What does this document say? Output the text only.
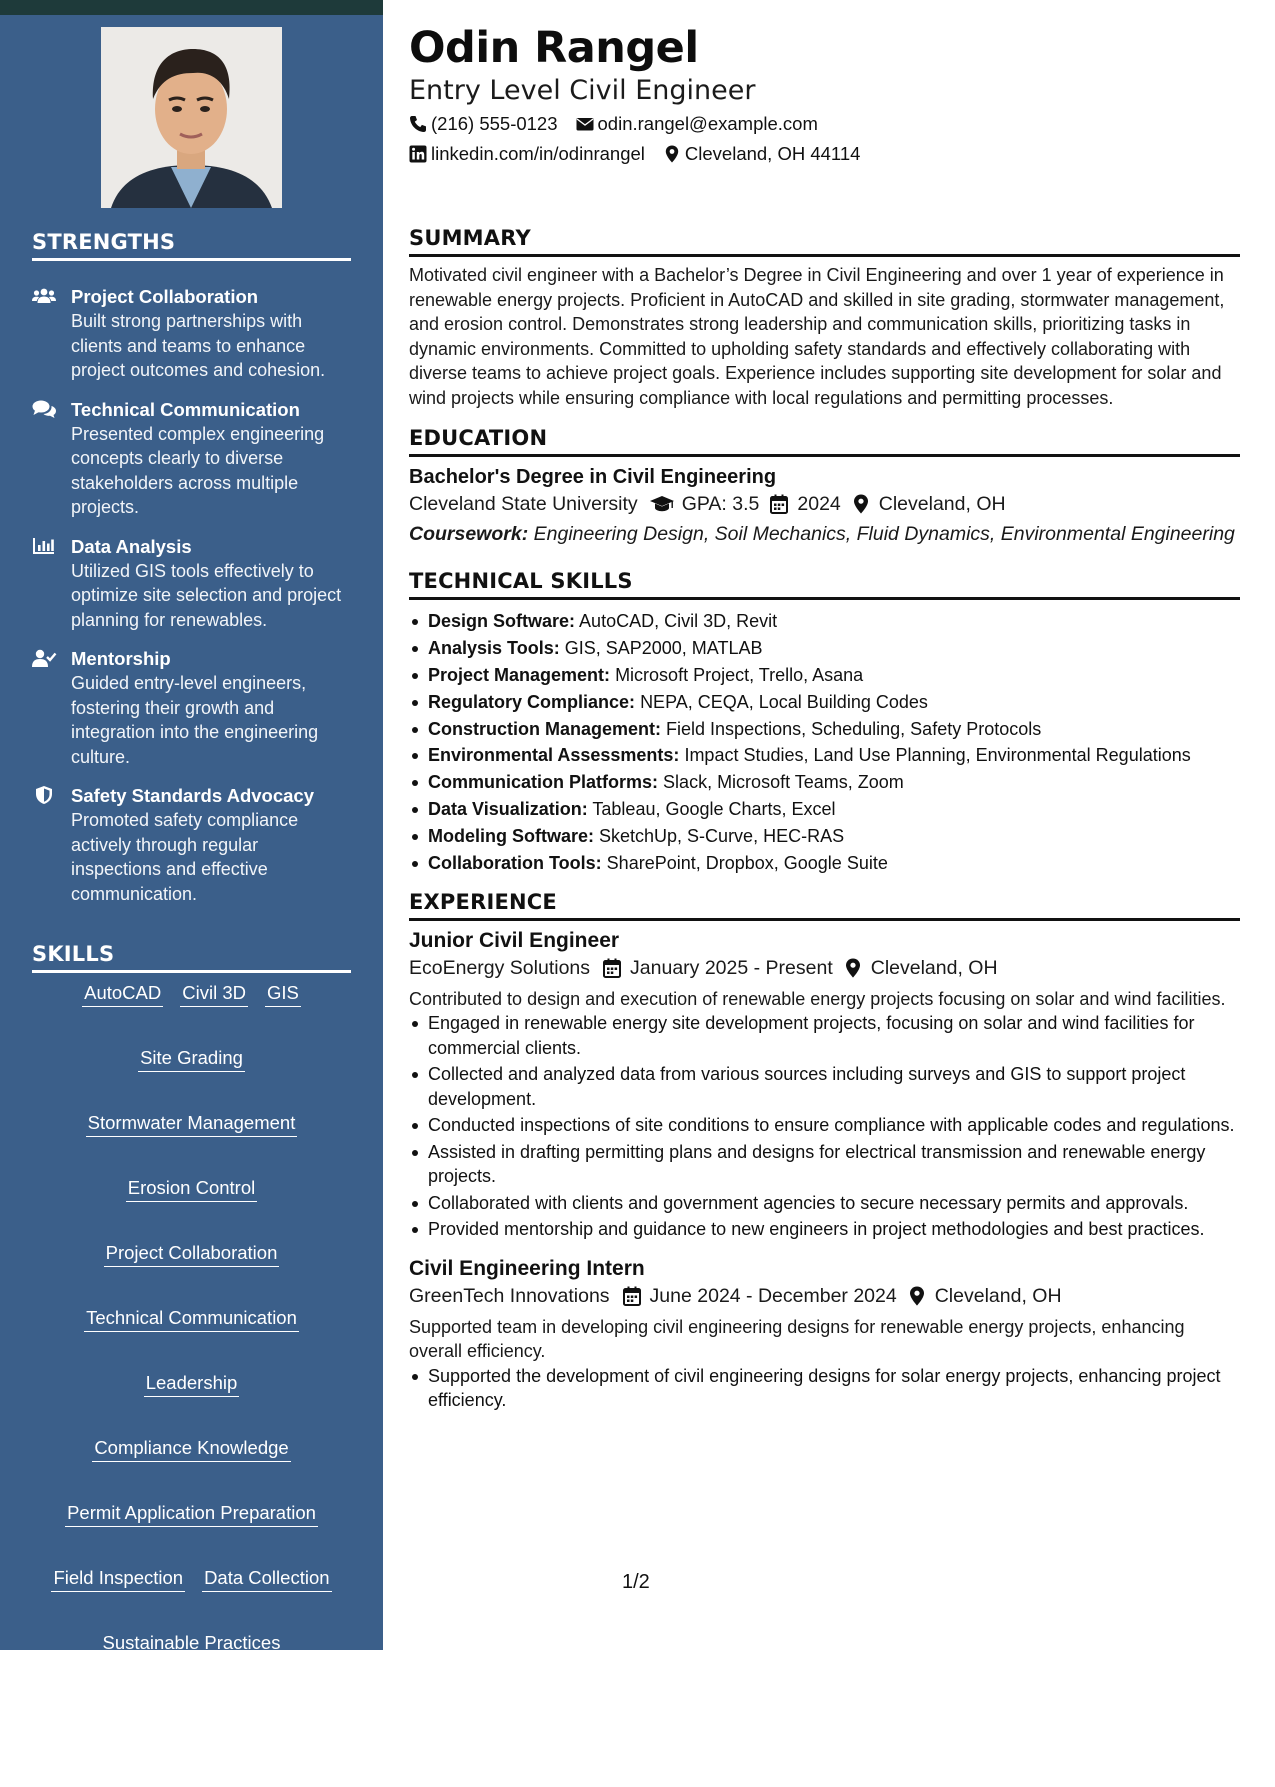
STRENGTHS
Project Collaboration
Built strong partnerships with clients and teams to enhance project outcomes and cohesion.
Technical Communication
Presented complex engineering concepts clearly to diverse stakeholders across multiple projects.
Data Analysis
Utilized GIS tools effectively to optimize site selection and project planning for renewables.
Mentorship
Guided entry-level engineers, fostering their growth and integration into the engineering culture.
Safety Standards Advocacy
Promoted safety compliance actively through regular inspections and effective communication.
SKILLS
AutoCAD Civil 3D GIS
Site Grading
Stormwater Management
Erosion Control
Project Collaboration
Technical Communication
Leadership
Compliance Knowledge
Permit Application Preparation
Field Inspection Data Collection
Sustainable Practices
Renewable Systems Design
Client Interaction
Odin Rangel
Entry Level Civil Engineer
(216) 555-0123 odin.rangel@example.com
linkedin.com/in/odinrangel Cleveland, OH 44114
SUMMARY

Motivated civil engineer with a Bachelor’s Degree in Civil Engineering and over 1 year of experience in renewable energy projects. Proficient in AutoCAD and skilled in site grading, stormwater management, and erosion control. Demonstrates strong leadership and communication skills, prioritizing tasks in dynamic environments. Committed to upholding safety standards and effectively collaborating with diverse teams to achieve project goals. Experience includes supporting site development for solar and wind projects while ensuring compliance with local regulations and permitting processes.

EDUCATION
Bachelor's Degree in Civil Engineering
Cleveland State University GPA: 3.5 2024 Cleveland, OH
Coursework: Engineering Design, Soil Mechanics, Fluid Dynamics, Environmental Engineering
TECHNICAL SKILLS
Design Software: AutoCAD, Civil 3D, Revit
Analysis Tools: GIS, SAP2000, MATLAB
Project Management: Microsoft Project, Trello, Asana
Regulatory Compliance: NEPA, CEQA, Local Building Codes
Construction Management: Field Inspections, Scheduling, Safety Protocols
Environmental Assessments: Impact Studies, Land Use Planning, Environmental Regulations
Communication Platforms: Slack, Microsoft Teams, Zoom
Data Visualization: Tableau, Google Charts, Excel
Modeling Software: SketchUp, S-Curve, HEC-RAS
Collaboration Tools: SharePoint, Dropbox, Google Suite
EXPERIENCE
Junior Civil Engineer
EcoEnergy Solutions January 2025 - Present Cleveland, OH

Contributed to design and execution of renewable energy projects focusing on solar and wind facilities.

Engaged in renewable energy site development projects, focusing on solar and wind facilities for commercial clients.
Collected and analyzed data from various sources including surveys and GIS to support project development.
Conducted inspections of site conditions to ensure compliance with applicable codes and regulations.
Assisted in drafting permitting plans and designs for electrical transmission and renewable energy projects.
Collaborated with clients and government agencies to secure necessary permits and approvals.
Provided mentorship and guidance to new engineers in project methodologies and best practices.
Civil Engineering Intern
GreenTech Innovations June 2024 - December 2024 Cleveland, OH

Supported team in developing civil engineering designs for renewable energy projects, enhancing overall efficiency.

Supported the development of civil engineering designs for solar energy projects, enhancing project efficiency.
1/2
